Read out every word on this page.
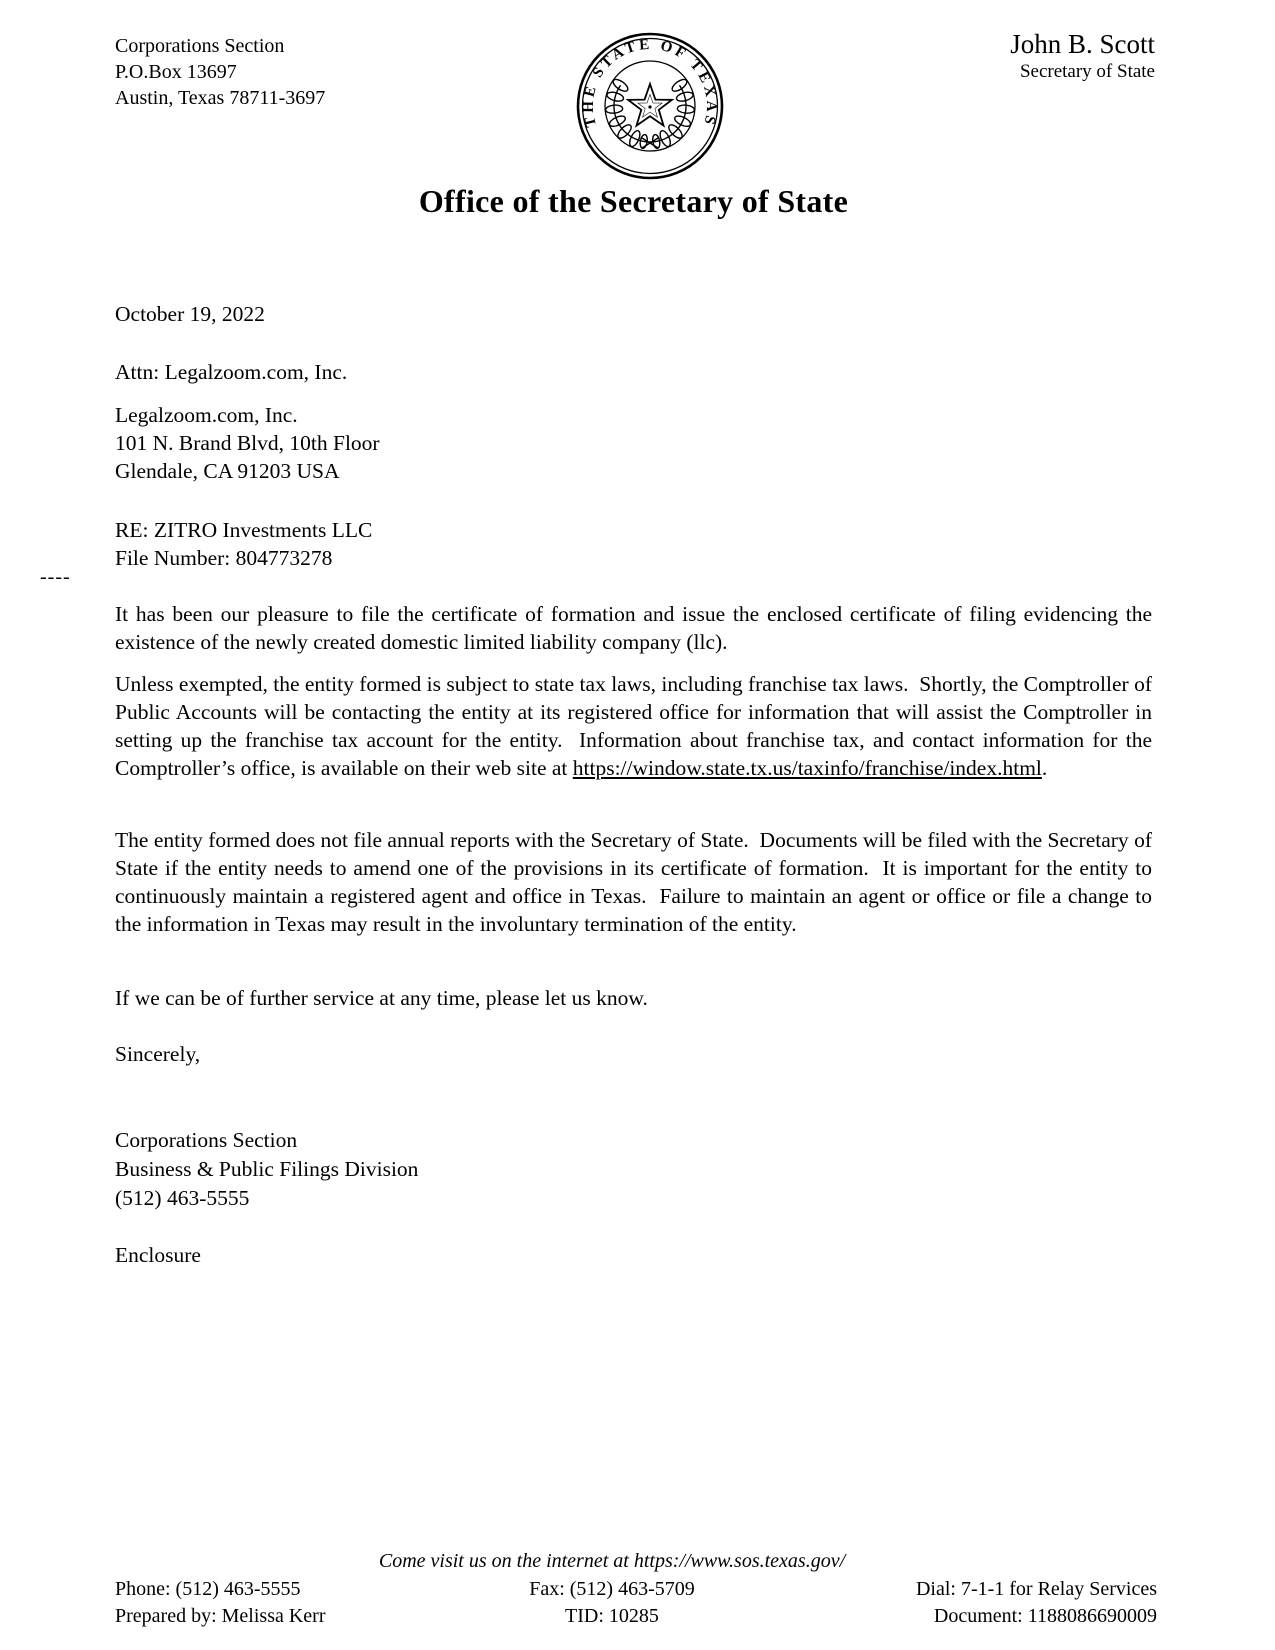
Corporations Section
P.O.Box 13697
Austin, Texas 78711-3697
THE STATE OF TEXAS
John B. Scott
Secretary of State
Office of the Secretary of State
----
October 19, 2022
Attn: Legalzoom.com, Inc.
Legalzoom.com, Inc.
101 N. Brand Blvd, 10th Floor
Glendale, CA 91203 USA
RE: ZITRO Investments LLC
File Number: 804773278
It has been our pleasure to file the certificate of formation and issue the enclosed certificate of filing evidencing the existence of the newly created domestic limited liability company (llc).
Unless exempted, the entity formed is subject to state tax laws, including franchise tax laws.  Shortly, the Comptroller of Public Accounts will be contacting the entity at its registered office for information that will assist the Comptroller in setting up the franchise tax account for the entity.  Information about franchise tax, and contact information for the Comptroller’s office, is available on their web site at https://window.state.tx.us/taxinfo/franchise/index.html.
The entity formed does not file annual reports with the Secretary of State.  Documents will be filed with the Secretary of State if the entity needs to amend one of the provisions in its certificate of formation.  It is important for the entity to continuously maintain a registered agent and office in Texas.  Failure to maintain an agent or office or file a change to the information in Texas may result in the involuntary termination of the entity.
If we can be of further service at any time, please let us know.
Sincerely,
Corporations Section
Business & Public Filings Division
(512) 463-5555
Enclosure
Come visit us on the internet at https://www.sos.texas.gov/
Phone: (512) 463-5555
Prepared by: Melissa Kerr
Fax: (512) 463-5709
TID: 10285
Dial: 7-1-1 for Relay Services
Document: 1188086690009
